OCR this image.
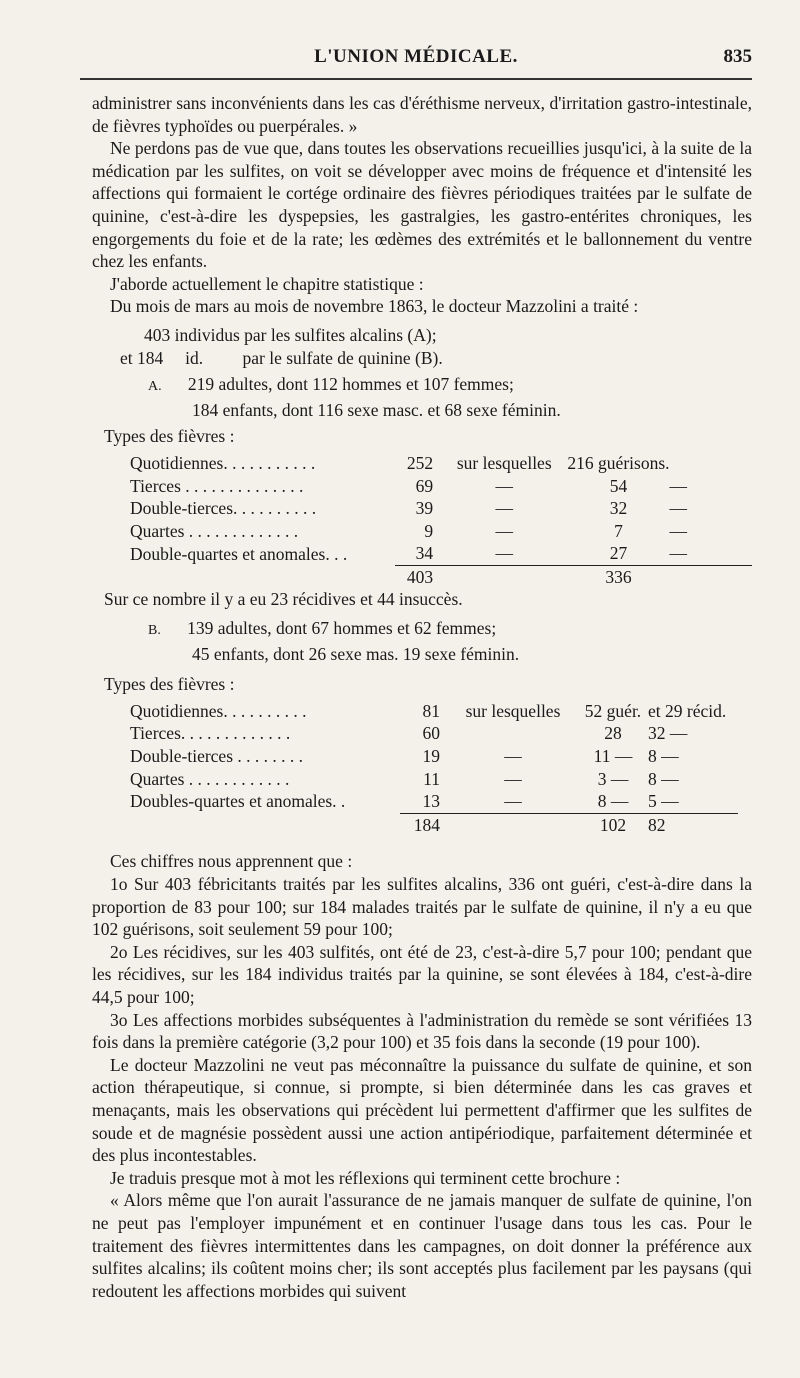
L'UNION MÉDICALE.	835

administrer sans inconvénients dans les cas d'éréthisme nerveux, d'irritation gastro-intestinale, de fièvres typhoïdes ou puerpérales. »

Ne perdons pas de vue que, dans toutes les observations recueillies jusqu'ici, à la suite de la médication par les sulfites, on voit se développer avec moins de fréquence et d'intensité les affections qui formaient le cortége ordinaire des fièvres périodiques traitées par le sulfate de quinine, c'est-à-dire les dyspepsies, les gastralgies, les gastro-entérites chroniques, les engorgements du foie et de la rate; les œdèmes des extrémités et le ballonnement du ventre chez les enfants.

J'aborde actuellement le chapitre statistique :

Du mois de mars au mois de novembre 1863, le docteur Mazzolini a traité :

403 individus par les sulfites alcalins (A);
et 184 id. par le sulfate de quinine (B).
A. 219 adultes, dont 112 hommes et 107 femmes;
184 enfants, dont 116 sexe masc. et 68 sexe féminin.
Types des fièvres :
Quotidiennes. . . . . . . . . . .	252	sur lesquelles	216 guérisons.	
Tierces . . . . . . . . . . . . . .	69	—	54	—
Double-tierces. . . . . . . . . .	39	—	32	—
Quartes . . . . . . . . . . . . .	9	—	7	—
Double-quartes et anomales. . .	34	—	27	—
	403		336	
Sur ce nombre il y a eu 23 récidives et 44 insuccès.
B. 139 adultes, dont 67 hommes et 62 femmes;
45 enfants, dont 26 sexe mas. 19 sexe féminin.
Types des fièvres :
Quotidiennes. . . . . . . . . .	81	sur lesquelles	52 guér.	et 29 récid.
Tierces. . . . . . . . . . . . .	60		28	32 —
Double-tierces . . . . . . . .	19	—	11 —	8 —
Quartes . . . . . . . . . . . .	11	—	3 —	8 —
Doubles-quartes et anomales. .	13	—	8 —	5 —
	184		102	82

Ces chiffres nous apprennent que :

1o Sur 403 fébricitants traités par les sulfites alcalins, 336 ont guéri, c'est-à-dire dans la proportion de 83 pour 100; sur 184 malades traités par le sulfate de quinine, il n'y a eu que 102 guérisons, soit seulement 59 pour 100;

2o Les récidives, sur les 403 sulfités, ont été de 23, c'est-à-dire 5,7 pour 100; pendant que les récidives, sur les 184 individus traités par la quinine, se sont élevées à 184, c'est-à-dire 44,5 pour 100;

3o Les affections morbides subséquentes à l'administration du remède se sont vérifiées 13 fois dans la première catégorie (3,2 pour 100) et 35 fois dans la seconde (19 pour 100).

Le docteur Mazzolini ne veut pas méconnaître la puissance du sulfate de quinine, et son action thérapeutique, si connue, si prompte, si bien déterminée dans les cas graves et menaçants, mais les observations qui précèdent lui permettent d'affirmer que les sulfites de soude et de magnésie possèdent aussi une action antipériodique, parfaitement déterminée et des plus incontestables.

Je traduis presque mot à mot les réflexions qui terminent cette brochure :

« Alors même que l'on aurait l'assurance de ne jamais manquer de sulfate de quinine, l'on ne peut pas l'employer impunément et en continuer l'usage dans tous les cas. Pour le traitement des fièvres intermittentes dans les campagnes, on doit donner la préférence aux sulfites alcalins; ils coûtent moins cher; ils sont acceptés plus facilement par les paysans (qui redoutent les affections morbides qui suivent
